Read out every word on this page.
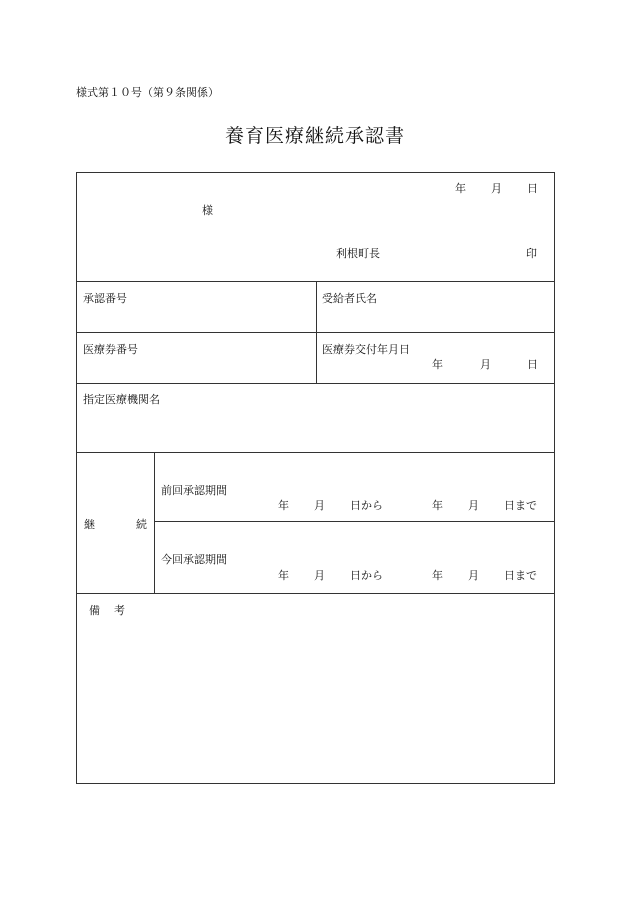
様式第１０号（第９条関係）
養育医療継続承認書
年 月 日
様
利根町長	印
承認番号	受給者氏名
医療券番号	医療券交付年月日
年	月	日
指定医療機関名
継	続
前回承認期間
年 月 日から	年 月 日まで
今回承認期間
年 月 日から	年 月 日まで
備 考
